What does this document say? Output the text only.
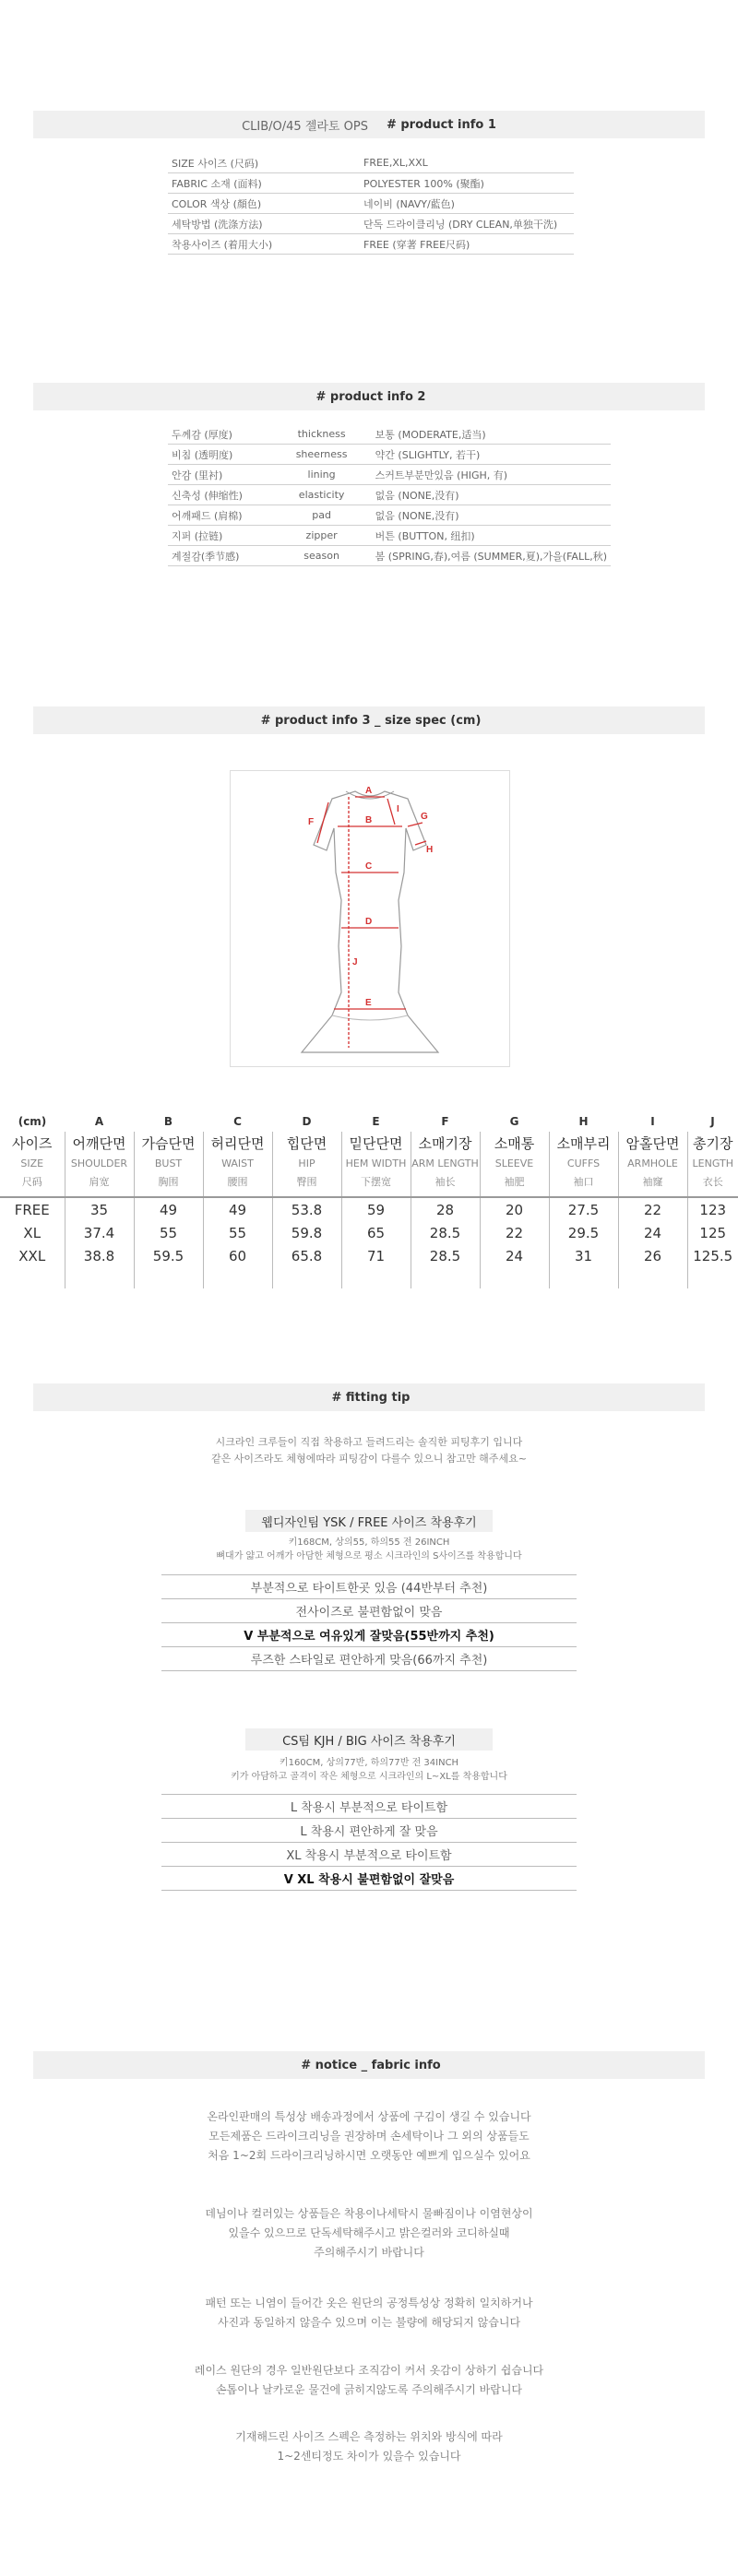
CLIB/O/45 젤라토 OPS # product info 1
SIZE 사이즈 (尺码)	FREE,XL,XXL
FABRIC 소재 (面料)	POLYESTER 100% (聚酯)
COLOR 색상 (顏色)	네이비 (NAVY/藍色)
세탁방법 (洗涤方法)	단독 드라이클리닝 (DRY CLEAN,单独干洗)
착용사이즈 (着用大小)	FREE (穿著 FREE尺码)
# product info 2
두께감 (厚度)	thickness	보통 (MODERATE,适当)
비침 (透明度)	sheerness	약간 (SLIGHTLY, 若干)
안감 (里衬)	lining	스커트부분만있음 (HIGH, 有)
신축성 (伸缩性)	elasticity	없음 (NONE,没有)
어깨패드 (肩棉)	pad	없음 (NONE,没有)
지퍼 (拉链)	zipper	버튼 (BUTTON, 纽扣)
계절감(季节感)	season	봄 (SPRING,春),여름 (SUMMER,夏),가을(FALL,秋)
# product info 3 _ size spec (cm)
A
B
C
D
E
F
G
H
I
J
(cm)	A	B	C	D	E	F	G	H	I	J
사이즈	어깨단면	가슴단면	허리단면	힙단면	밑단단면	소매기장	소매통	소매부리	암홀단면	총기장
SIZE	SHOULDER	BUST	WAIST	HIP	HEM WIDTH	ARM LENGTH	SLEEVE	CUFFS	ARMHOLE	LENGTH
尺码	肩宽	胸围	腰围	臀围	下摆宽	袖长	袖肥	袖口	袖窿	衣长

FREE	35	49	49	53.8	59	28	20	27.5	22	123
XL	37.4	55	55	59.8	65	28.5	22	29.5	24	125
XXL	38.8	59.5	60	65.8	71	28.5	24	31	26	125.5

# fitting tip
시크라인 크루들이 직접 착용하고 들려드리는 솔직한 피팅후기 입니다
같은 사이즈라도 체형에따라 피팅감이 다를수 있으니 참고만 해주세요~
웹디자인팀 YSK / FREE 사이즈 착용후기
키168CM, 상의55, 하의55 전 26INCH
뼈대가 얇고 어깨가 아담한 체형으로 평소 시크라인의 S사이즈를 착용합니다
부분적으로 타이트한곳 있음 (44반부터 추천)
전사이즈로 불편함없이 맞음
V 부분적으로 여유있게 잘맞음(55반까지 추천)
루즈한 스타일로 편안하게 맞음(66까지 추천)
CS팀 KJH / BIG 사이즈 착용후기
키160CM, 상의77반, 하의77반 전 34INCH
키가 아담하고 골격이 작은 체형으로 시크라인의 L~XL를 착용합니다
L 착용시 부분적으로 타이트함
L 착용시 편안하게 잘 맞음
XL 착용시 부분적으로 타이트함
V XL 착용시 불편함없이 잘맞음
# notice _ fabric info
온라인판매의 특성상 배송과정에서 상품에 구김이 생길 수 있습니다
모든제품은 드라이크리닝을 권장하며 손세탁이나 그 외의 상품들도
처음 1~2회 드라이크리닝하시면 오랫동안 예쁘게 입으실수 있어요
데님이나 컬러있는 상품들은 착용이나세탁시 물빠짐이나 이염현상이
있을수 있으므로 단독세탁해주시고 밝은컬러와 코디하실때
주의해주시기 바랍니다
패턴 또는 니염이 들어간 옷은 원단의 공정특성상 정확히 일치하거나
사진과 동일하지 않을수 있으며 이는 불량에 해당되지 않습니다
레이스 원단의 경우 일반원단보다 조직감이 커서 옷감이 상하기 쉽습니다
손톱이나 날카로운 물건에 긁히지않도록 주의해주시기 바랍니다
기재해드린 사이즈 스펙은 측정하는 위치와 방식에 따라
1~2센티정도 차이가 있을수 있습니다
